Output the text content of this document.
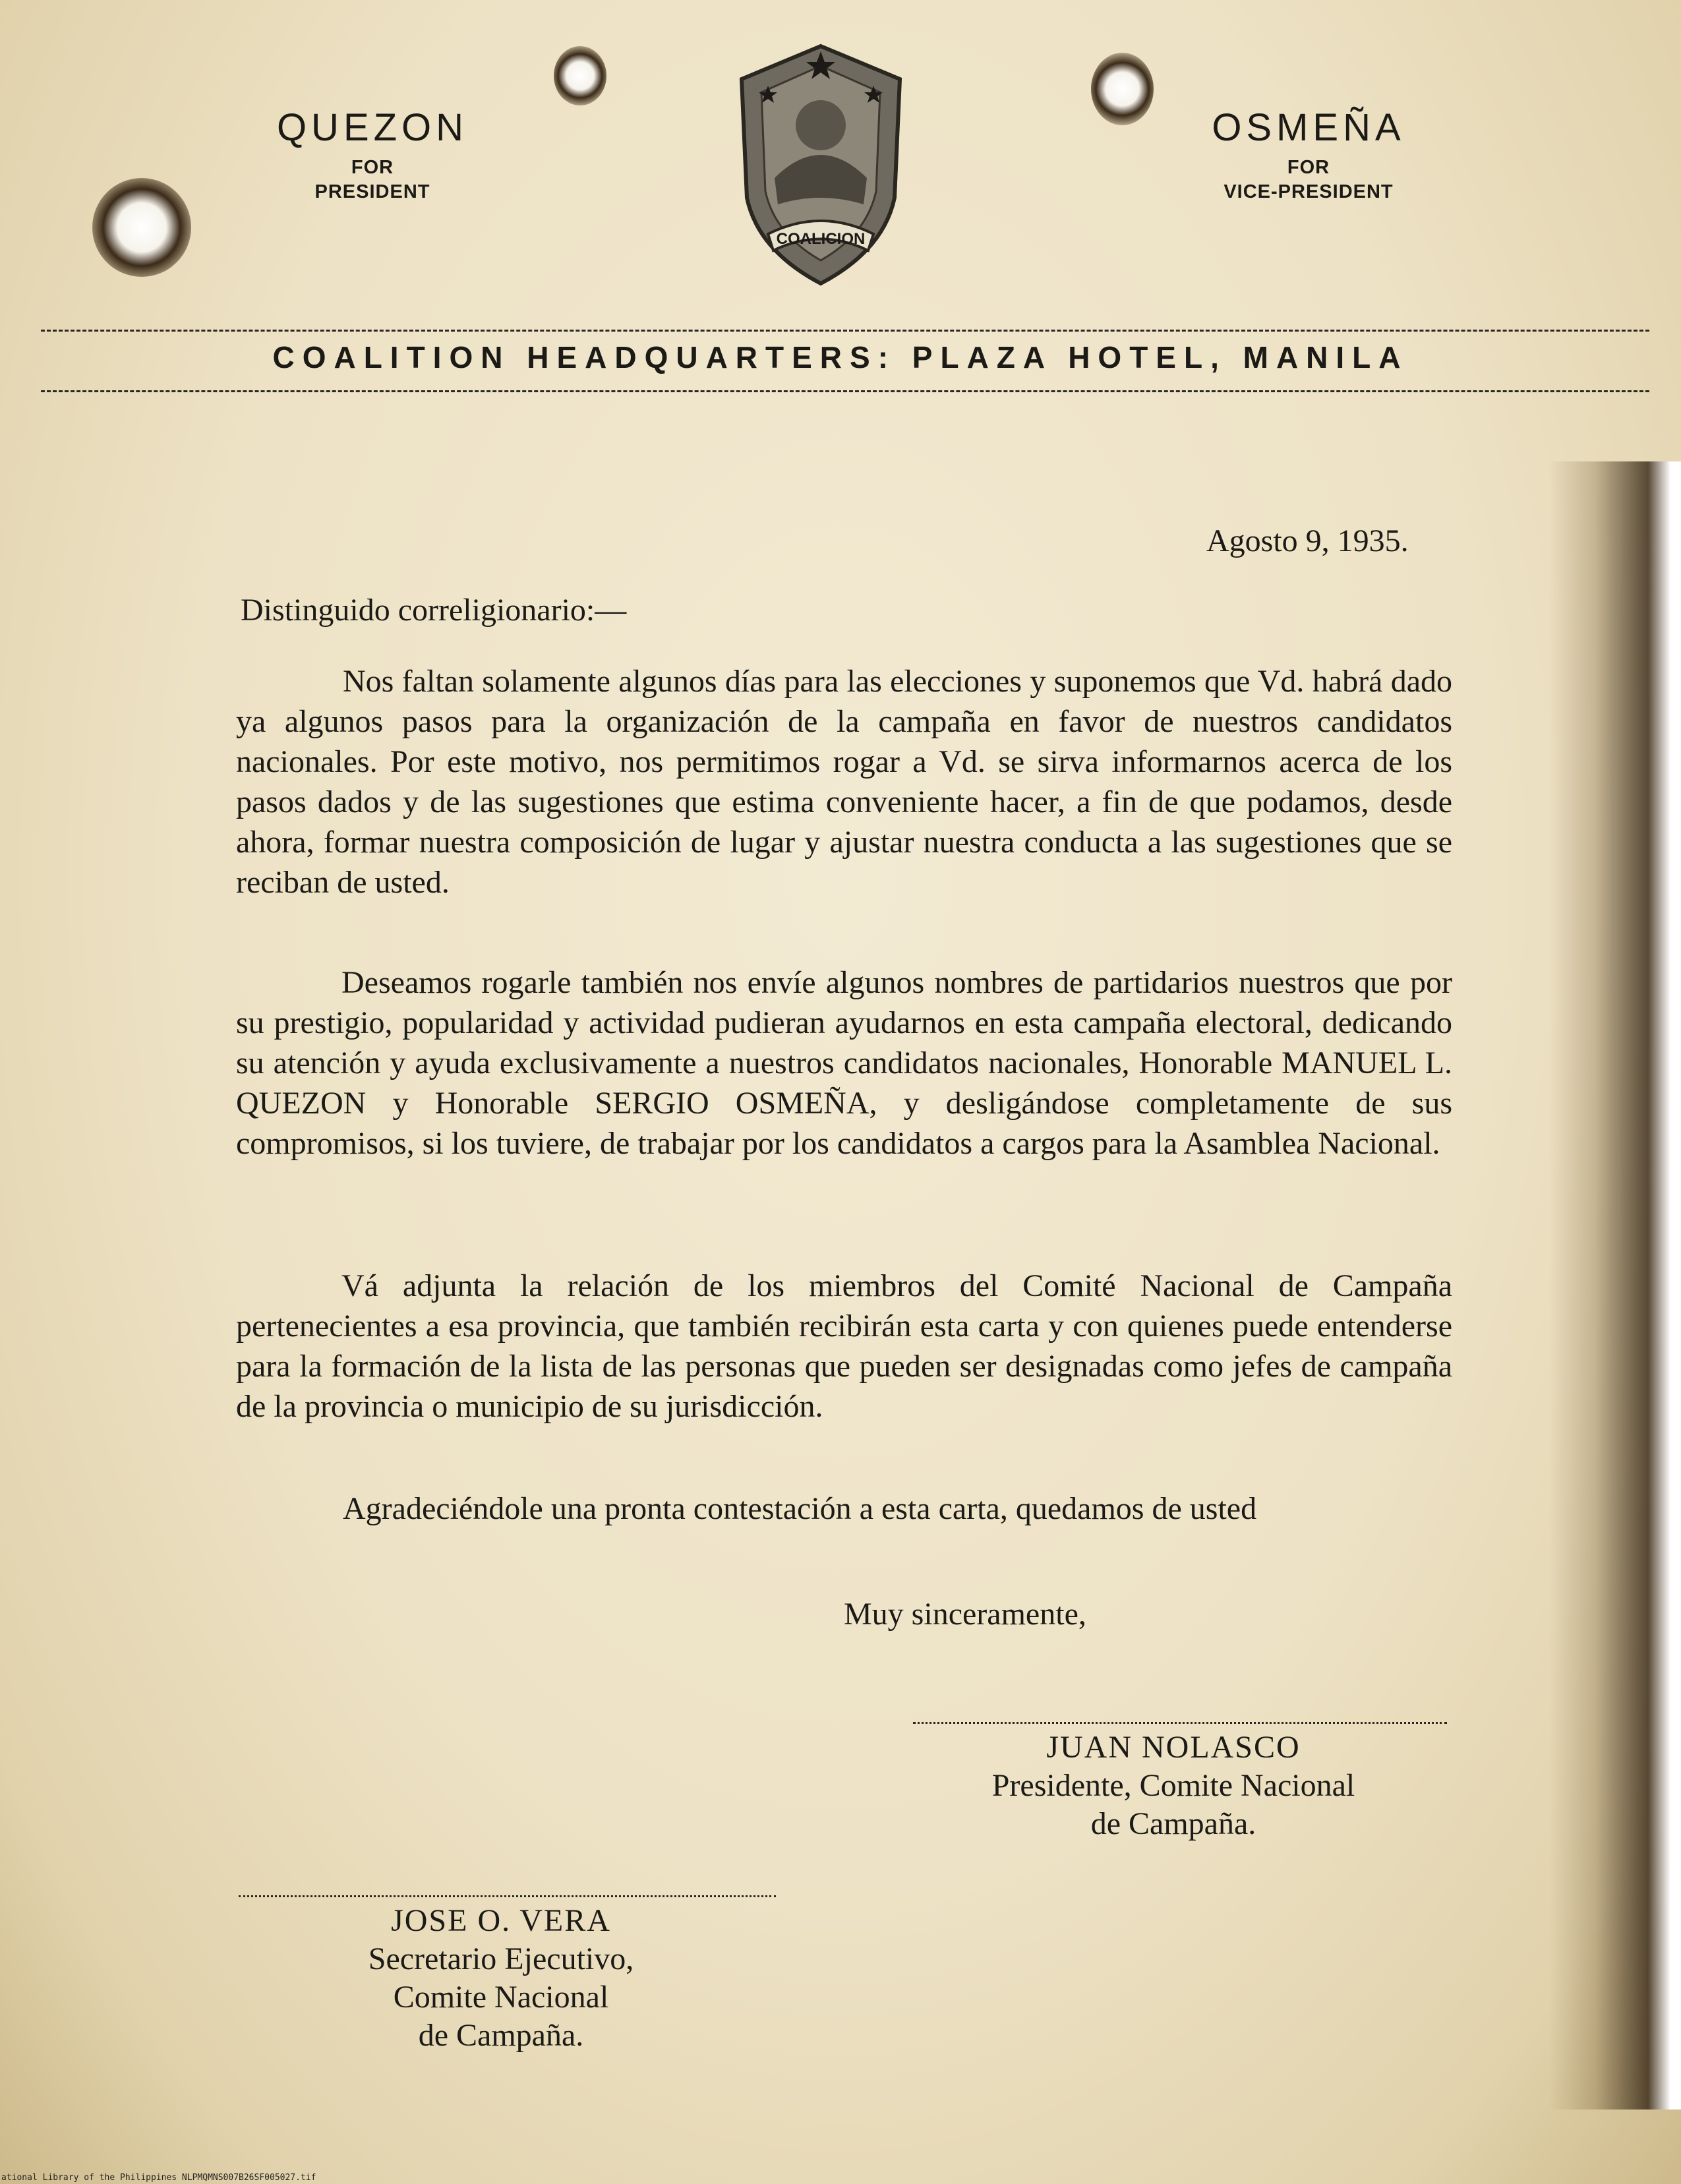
QUEZON
FOR
PRESIDENT
COALICION
OSMEÑA
FOR
VICE-PRESIDENT
COALITION HEADQUARTERS: PLAZA HOTEL, MANILA
Agosto 9, 1935.
Distinguido correligionario:—
Nos faltan solamente algunos días para las elecciones y suponemos que Vd. habrá dado ya algunos pasos para la organización de la campaña en favor de nuestros candidatos nacionales. Por este motivo, nos permitimos rogar a Vd. se sirva informarnos acerca de los pasos dados y de las sugestiones que estima conveniente hacer, a fin de que podamos, desde ahora, formar nuestra composición de lugar y ajustar nuestra conducta a las sugestiones que se reciban de usted.
Deseamos rogarle también nos envíe algunos nombres de partidarios nuestros que por su prestigio, popularidad y actividad pudieran ayudarnos en esta campaña electoral, dedicando su atención y ayuda exclusivamente a nuestros candidatos nacionales, Honorable MANUEL L. QUEZON y Honorable SERGIO OSMEÑA, y desligándose completamente de sus compromisos, si los tuviere, de trabajar por los candidatos a cargos para la Asamblea Nacional.
Vá adjunta la relación de los miembros del Comité Nacional de Campaña pertenecientes a esa provincia, que también recibirán esta carta y con quienes puede entenderse para la formación de la lista de las personas que pueden ser designadas como jefes de campaña de la provincia o municipio de su jurisdicción.
Agradeciéndole una pronta contestación a esta carta, quedamos de usted
Muy sinceramente,
JUAN NOLASCO
Presidente, Comite Nacional
de Campaña.
JOSE O. VERA
Secretario Ejecutivo,
Comite Nacional
de Campaña.
ational Library of the Philippines NLPMQMNS007B26SF005027.tif
